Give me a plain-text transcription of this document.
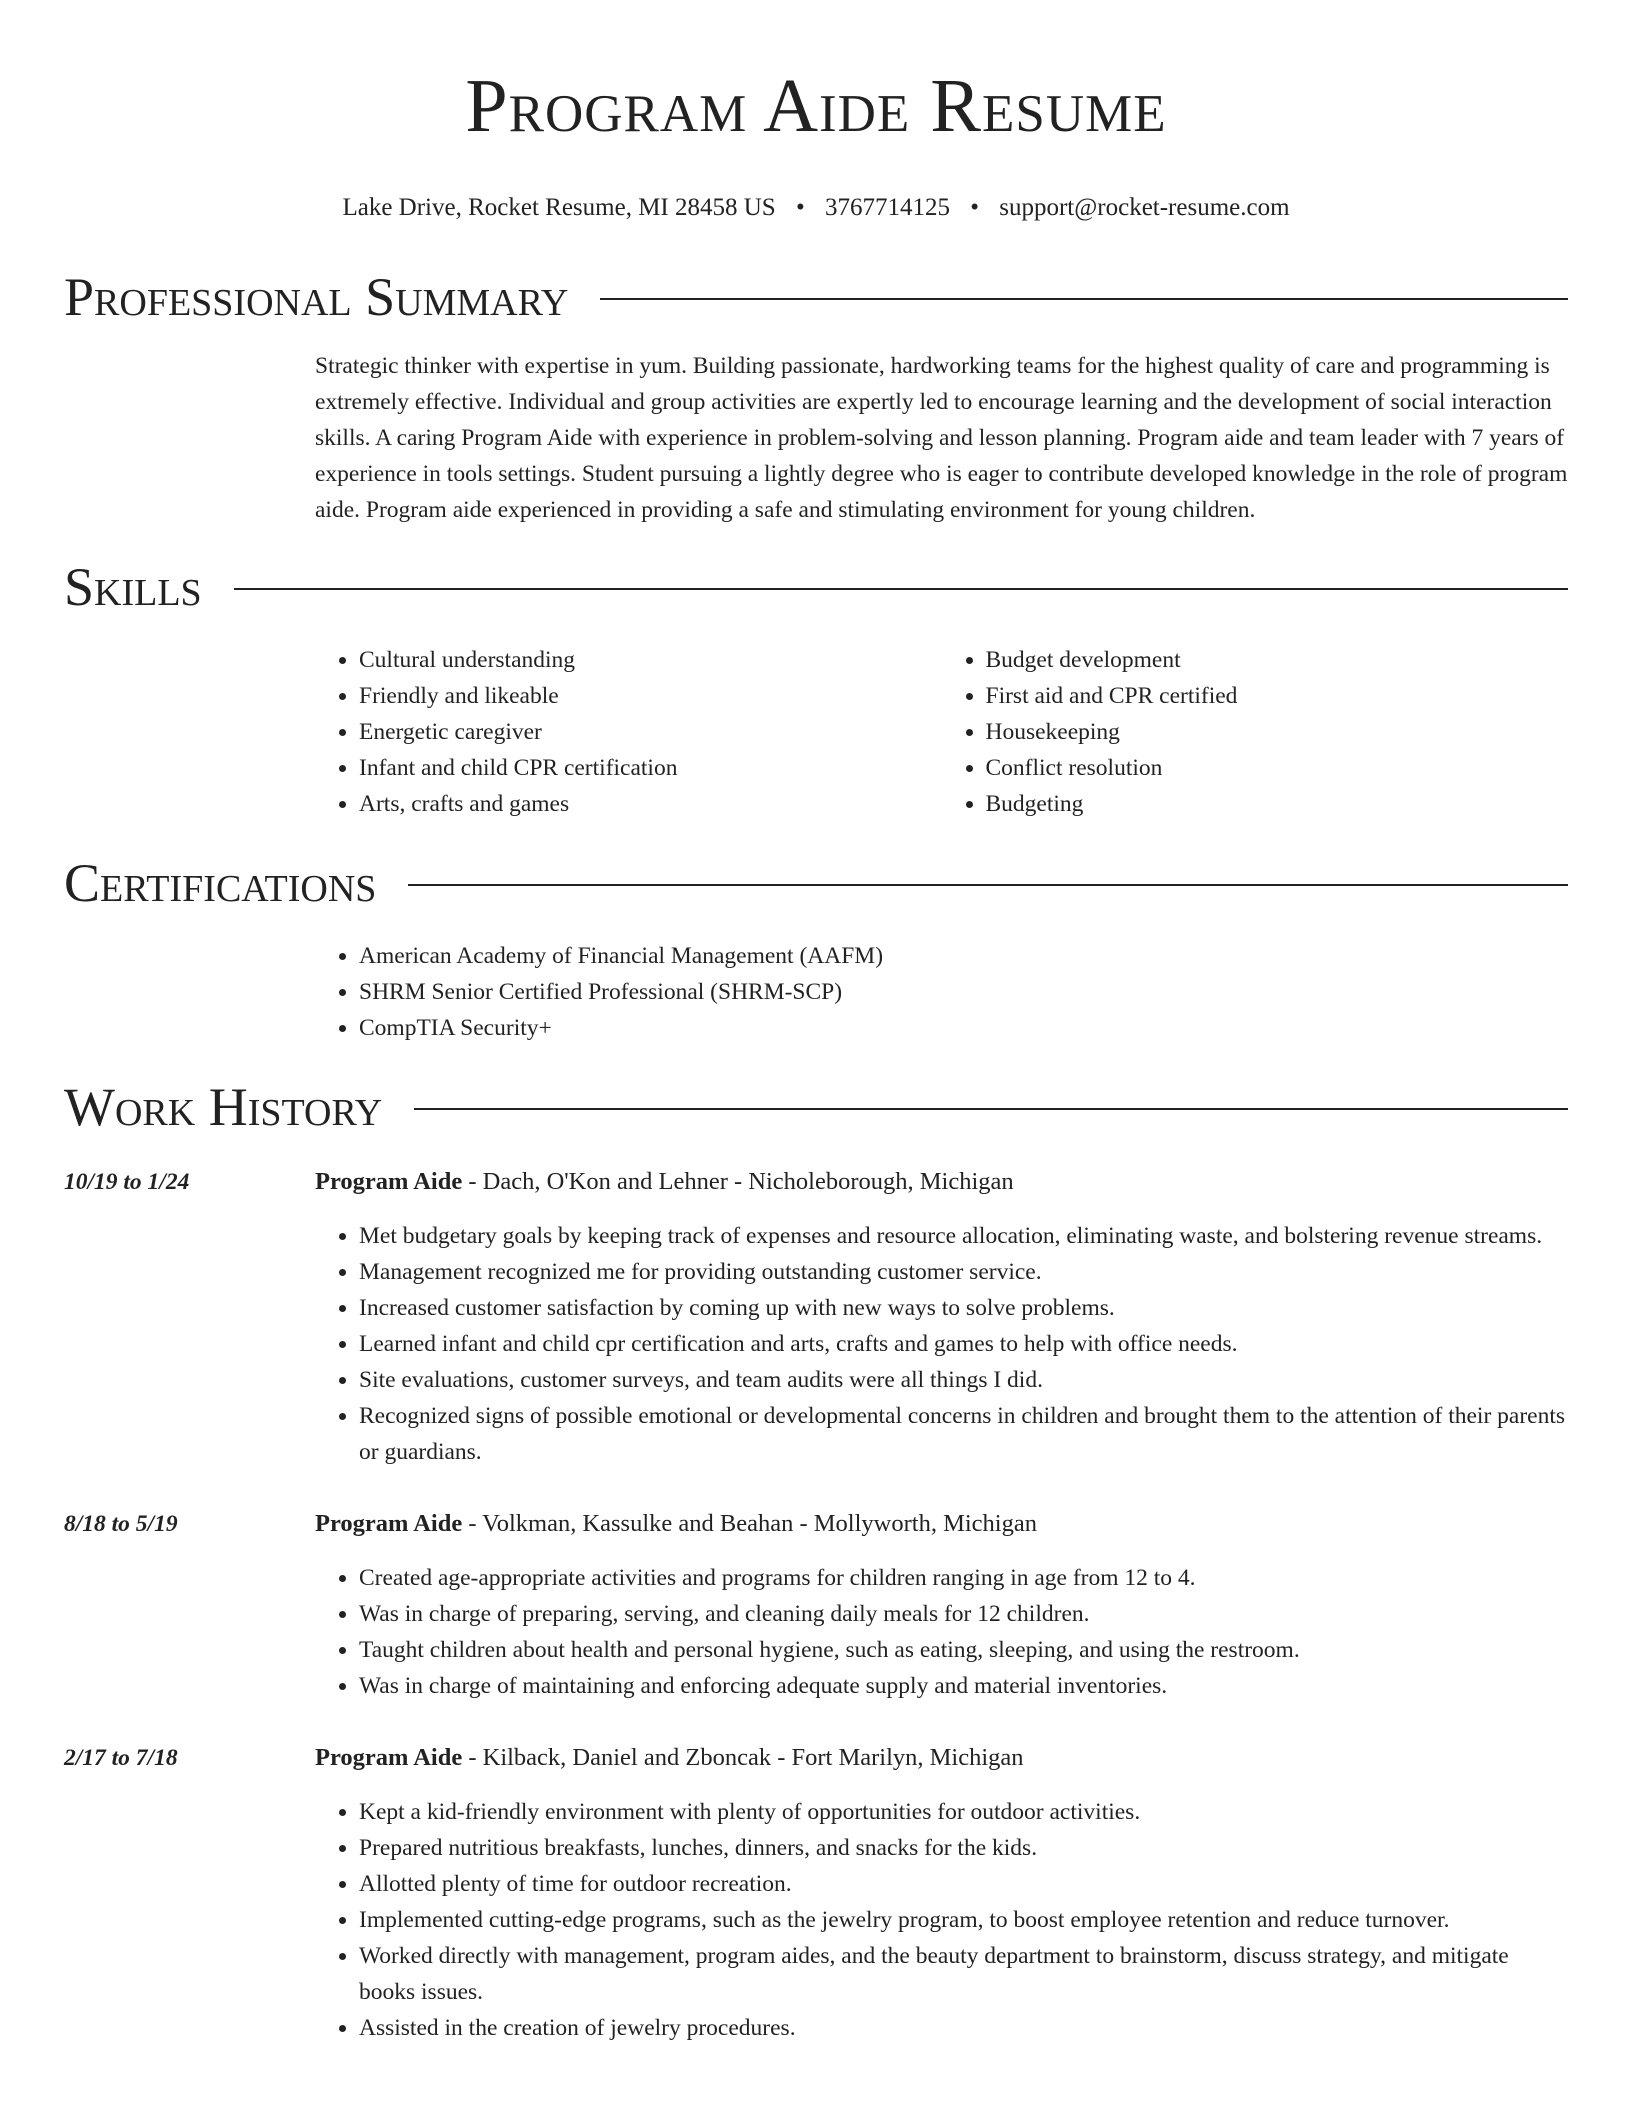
Program Aide Resume
Lake Drive, Rocket Resume, MI 28458 US • 3767714125 • support@rocket-resume.com
Professional Summary

Strategic thinker with expertise in yum. Building passionate, hardworking teams for the highest quality of care and programming is extremely effective. Individual and group activities are expertly led to encourage learning and the development of social interaction skills. A caring Program Aide with experience in problem-solving and lesson planning. Program aide and team leader with 7 years of experience in tools settings. Student pursuing a lightly degree who is eager to contribute developed knowledge in the role of program aide. Program aide experienced in providing a safe and stimulating environment for young children.

Skills
• Cultural understanding
• Friendly and likeable
• Energetic caregiver
• Infant and child CPR certification
• Arts, crafts and games
• Budget development
• First aid and CPR certified
• Housekeeping
• Conflict resolution
• Budgeting
Certifications
• American Academy of Financial Management (AAFM)
• SHRM Senior Certified Professional (SHRM-SCP)
• CompTIA Security+
Work History
10/19 to 1/24	Program Aide - Dach, O'Kon and Lehner - Nicholeborough, Michigan
• Met budgetary goals by keeping track of expenses and resource allocation, eliminating waste, and bolstering revenue streams.
• Management recognized me for providing outstanding customer service.
• Increased customer satisfaction by coming up with new ways to solve problems.
• Learned infant and child cpr certification and arts, crafts and games to help with office needs.
• Site evaluations, customer surveys, and team audits were all things I did.
• Recognized signs of possible emotional or developmental concerns in children and brought them to the attention of their parents or guardians.
8/18 to 5/19	Program Aide - Volkman, Kassulke and Beahan - Mollyworth, Michigan
• Created age-appropriate activities and programs for children ranging in age from 12 to 4.
• Was in charge of preparing, serving, and cleaning daily meals for 12 children.
• Taught children about health and personal hygiene, such as eating, sleeping, and using the restroom.
• Was in charge of maintaining and enforcing adequate supply and material inventories.
2/17 to 7/18	Program Aide - Kilback, Daniel and Zboncak - Fort Marilyn, Michigan
• Kept a kid-friendly environment with plenty of opportunities for outdoor activities.
• Prepared nutritious breakfasts, lunches, dinners, and snacks for the kids.
• Allotted plenty of time for outdoor recreation.
• Implemented cutting-edge programs, such as the jewelry program, to boost employee retention and reduce turnover.
• Worked directly with management, program aides, and the beauty department to brainstorm, discuss strategy, and mitigate books issues.
• Assisted in the creation of jewelry procedures.
